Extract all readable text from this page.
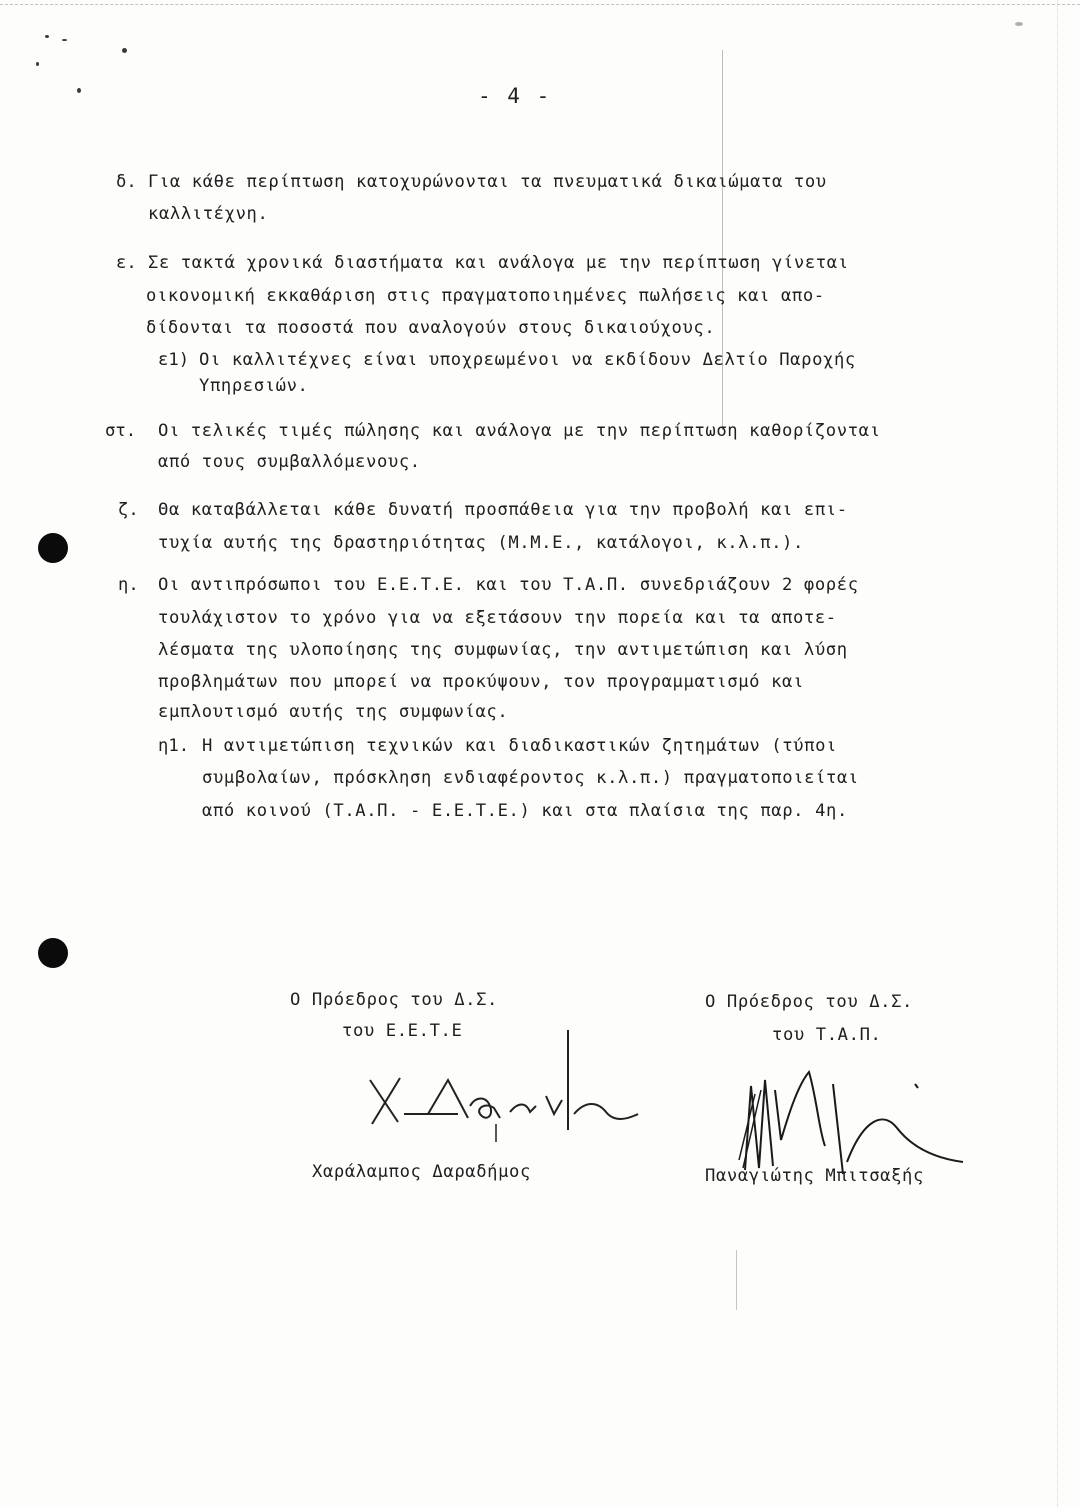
- 4 -
δ. Για κάθε περίπτωση κατοχυρώνονται τα πνευματικά δικαιώματα του
καλλιτέχνη.
ε. Σε τακτά χρονικά διαστήματα και ανάλογα με την περίπτωση γίνεται
οικονομική εκκαθάριση στις πραγματοποιημένες πωλήσεις και απο-
δίδονται τα ποσοστά που αναλογούν στους δικαιούχους.
ε1) Οι καλλιτέχνες είναι υποχρεωμένοι να εκδίδουν Δελτίο Παροχής
Υπηρεσιών.
στ. Οι τελικές τιμές πώλησης και ανάλογα με την περίπτωση καθορίζονται
από τους συμβαλλόμενους.
ζ. Θα καταβάλλεται κάθε δυνατή προσπάθεια για την προβολή και επι-
τυχία αυτής της δραστηριότητας (Μ.Μ.Ε., κατάλογοι, κ.λ.π.).
η. Οι αντιπρόσωποι του Ε.Ε.Τ.Ε. και του Τ.Α.Π. συνεδριάζουν 2 φορές
τουλάχιστον το χρόνο για να εξετάσουν την πορεία και τα αποτε-
λέσματα της υλοποίησης της συμφωνίας, την αντιμετώπιση και λύση
προβλημάτων που μπορεί να προκύψουν, τον προγραμματισμό και
εμπλουτισμό αυτής της συμφωνίας.
η1. Η αντιμετώπιση τεχνικών και διαδικαστικών ζητημάτων (τύποι
συμβολαίων, πρόσκληση ενδιαφέροντος κ.λ.π.) πραγματοποιείται
από κοινού (Τ.Α.Π. - Ε.Ε.Τ.Ε.) και στα πλαίσια της παρ. 4η.
Ο Πρόεδρος του Δ.Σ.
του Ε.Ε.Τ.Ε
Χαράλαμπος Δαραδήμος
Ο Πρόεδρος του Δ.Σ.
του Τ.Α.Π.
Παναγιώτης Μπιτσαξής
